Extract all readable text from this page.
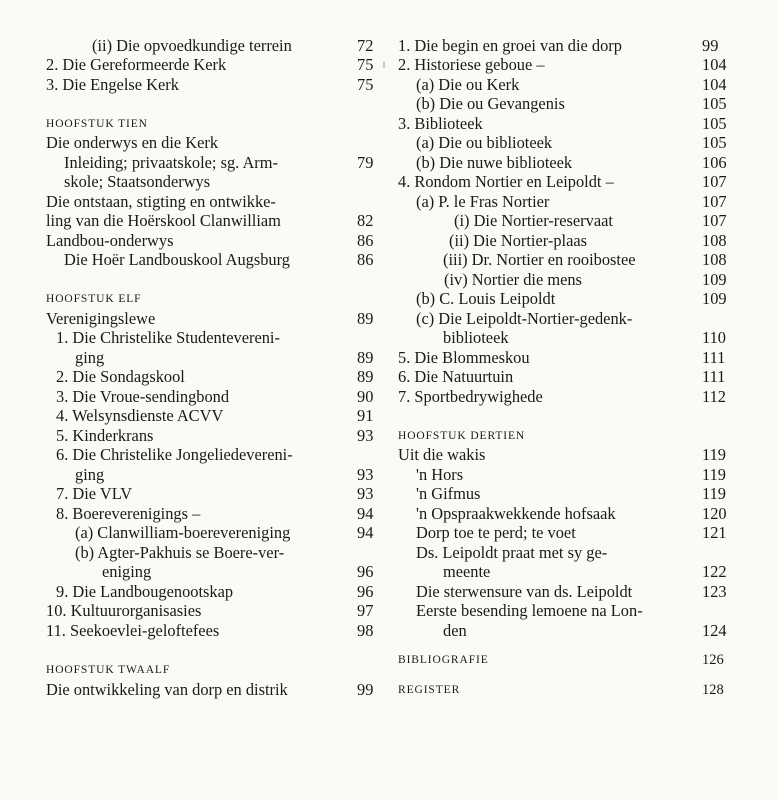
(ii) Die opvoedkundige terrein	72
2. Die Gereformeerde Kerk	75
3. Die Engelse Kerk	75
HOOFSTUK TIEN
Die onderwys en die Kerk
Inleiding; privaatskole; sg. Arm-	79
skole; Staatsonderwys
Die ontstaan, stigting en ontwikke-
ling van die Hoërskool Clanwilliam	82
Landbou-onderwys	86
Die Hoër Landbouskool Augsburg	86
HOOFSTUK ELF
Verenigingslewe	89
1. Die Christelike Studentevereni-
ging	89
2. Die Sondagskool	89
3. Die Vroue-sendingbond	90
4. Welsynsdienste ACVV	91
5. Kinderkrans	93
6. Die Christelike Jongeliedevereni-
ging	93
7. Die VLV	93
8. Boereverenigings –	94
(a) Clanwilliam-boerevereniging	94
(b) Agter-Pakhuis se Boere-ver-
eniging	96
9. Die Landbougenootskap	96
10. Kultuurorganisasies	97
11. Seekoevlei-geloftefees	98
HOOFSTUK TWAALF
Die ontwikkeling van dorp en distrik	99
1. Die begin en groei van die dorp	99
2. Historiese geboue –	104
(a) Die ou Kerk	104
(b) Die ou Gevangenis	105
3. Biblioteek	105
(a) Die ou biblioteek	105
(b) Die nuwe biblioteek	106
4. Rondom Nortier en Leipoldt –	107
(a) P. le Fras Nortier	107
(i) Die Nortier-reservaat	107
(ii) Die Nortier-plaas	108
(iii) Dr. Nortier en rooibostee	108
(iv) Nortier die mens	109
(b) C. Louis Leipoldt	109
(c) Die Leipoldt-Nortier-gedenk-
biblioteek	110
5. Die Blommeskou	111
6. Die Natuurtuin	111
7. Sportbedrywighede	112
HOOFSTUK DERTIEN
Uit die wakis	119
'n Hors	119
'n Gifmus	119
'n Opspraakwekkende hofsaak	120
Dorp toe te perd; te voet	121
Ds. Leipoldt praat met sy ge-
meente	122
Die sterwensure van ds. Leipoldt	123
Eerste besending lemoene na Lon-
den	124
BIBLIOGRAFIE	126
REGISTER	128
